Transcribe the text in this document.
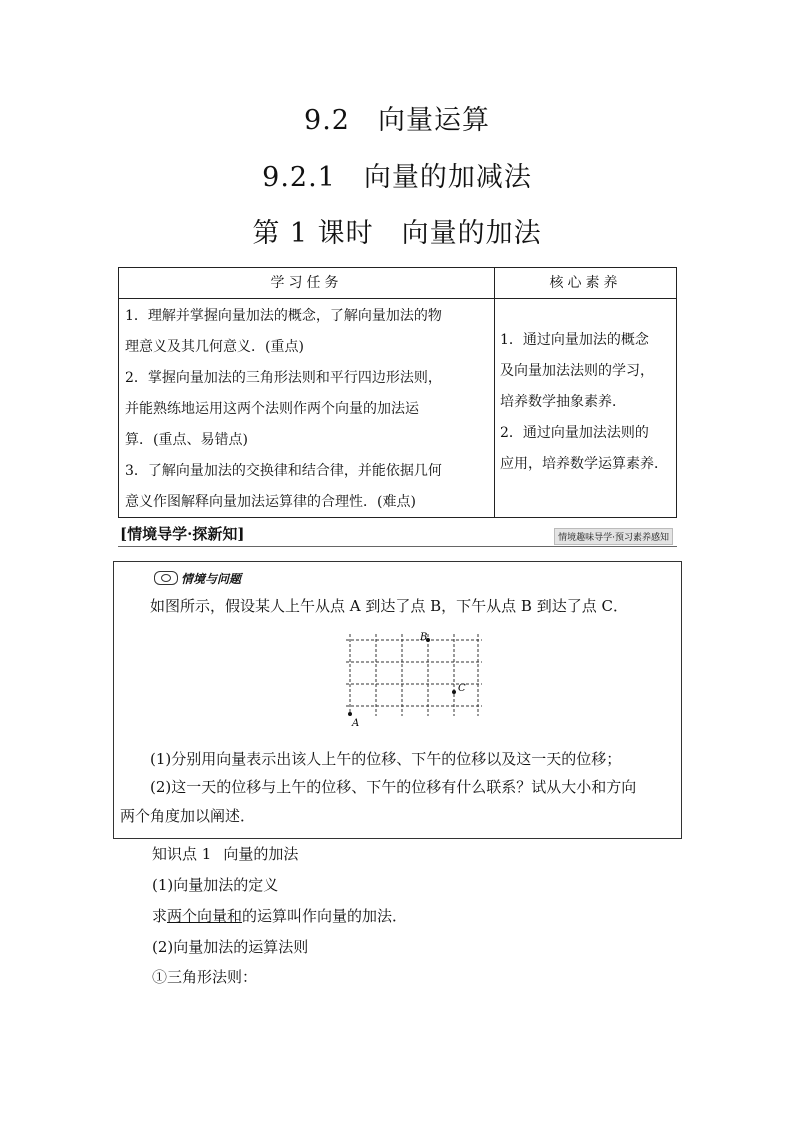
9.2　向量运算
9.2.1　向量的加减法
第 1 课时　向量的加法
学习任务	核心素养
1．理解并掌握向量加法的概念，了解向量加法的物
理意义及其几何意义．(重点)
2．掌握向量加法的三角形法则和平行四边形法则，
并能熟练地运用这两个法则作两个向量的加法运
算．(重点、易错点)
3．了解向量加法的交换律和结合律，并能依据几何
意义作图解释向量加法运算律的合理性．(难点)
1．通过向量加法的概念
及向量加法法则的学习，
培养数学抽象素养．
2．通过向量加法法则的
应用，培养数学运算素养．
[情境导学·探新知]	情境趣味导学·预习素养感知
情境与问题
如图所示，假设某人上午从点 A 到达了点 B，下午从点 B 到达了点 C．
A
B
C
(1)分别用向量表示出该人上午的位移、下午的位移以及这一天的位移；
(2)这一天的位移与上午的位移、下午的位移有什么联系？试从大小和方向
两个角度加以阐述．
知识点 1 向量的加法
(1)向量加法的定义
求两个向量和的运算叫作向量的加法．
(2)向量加法的运算法则
①三角形法则：
